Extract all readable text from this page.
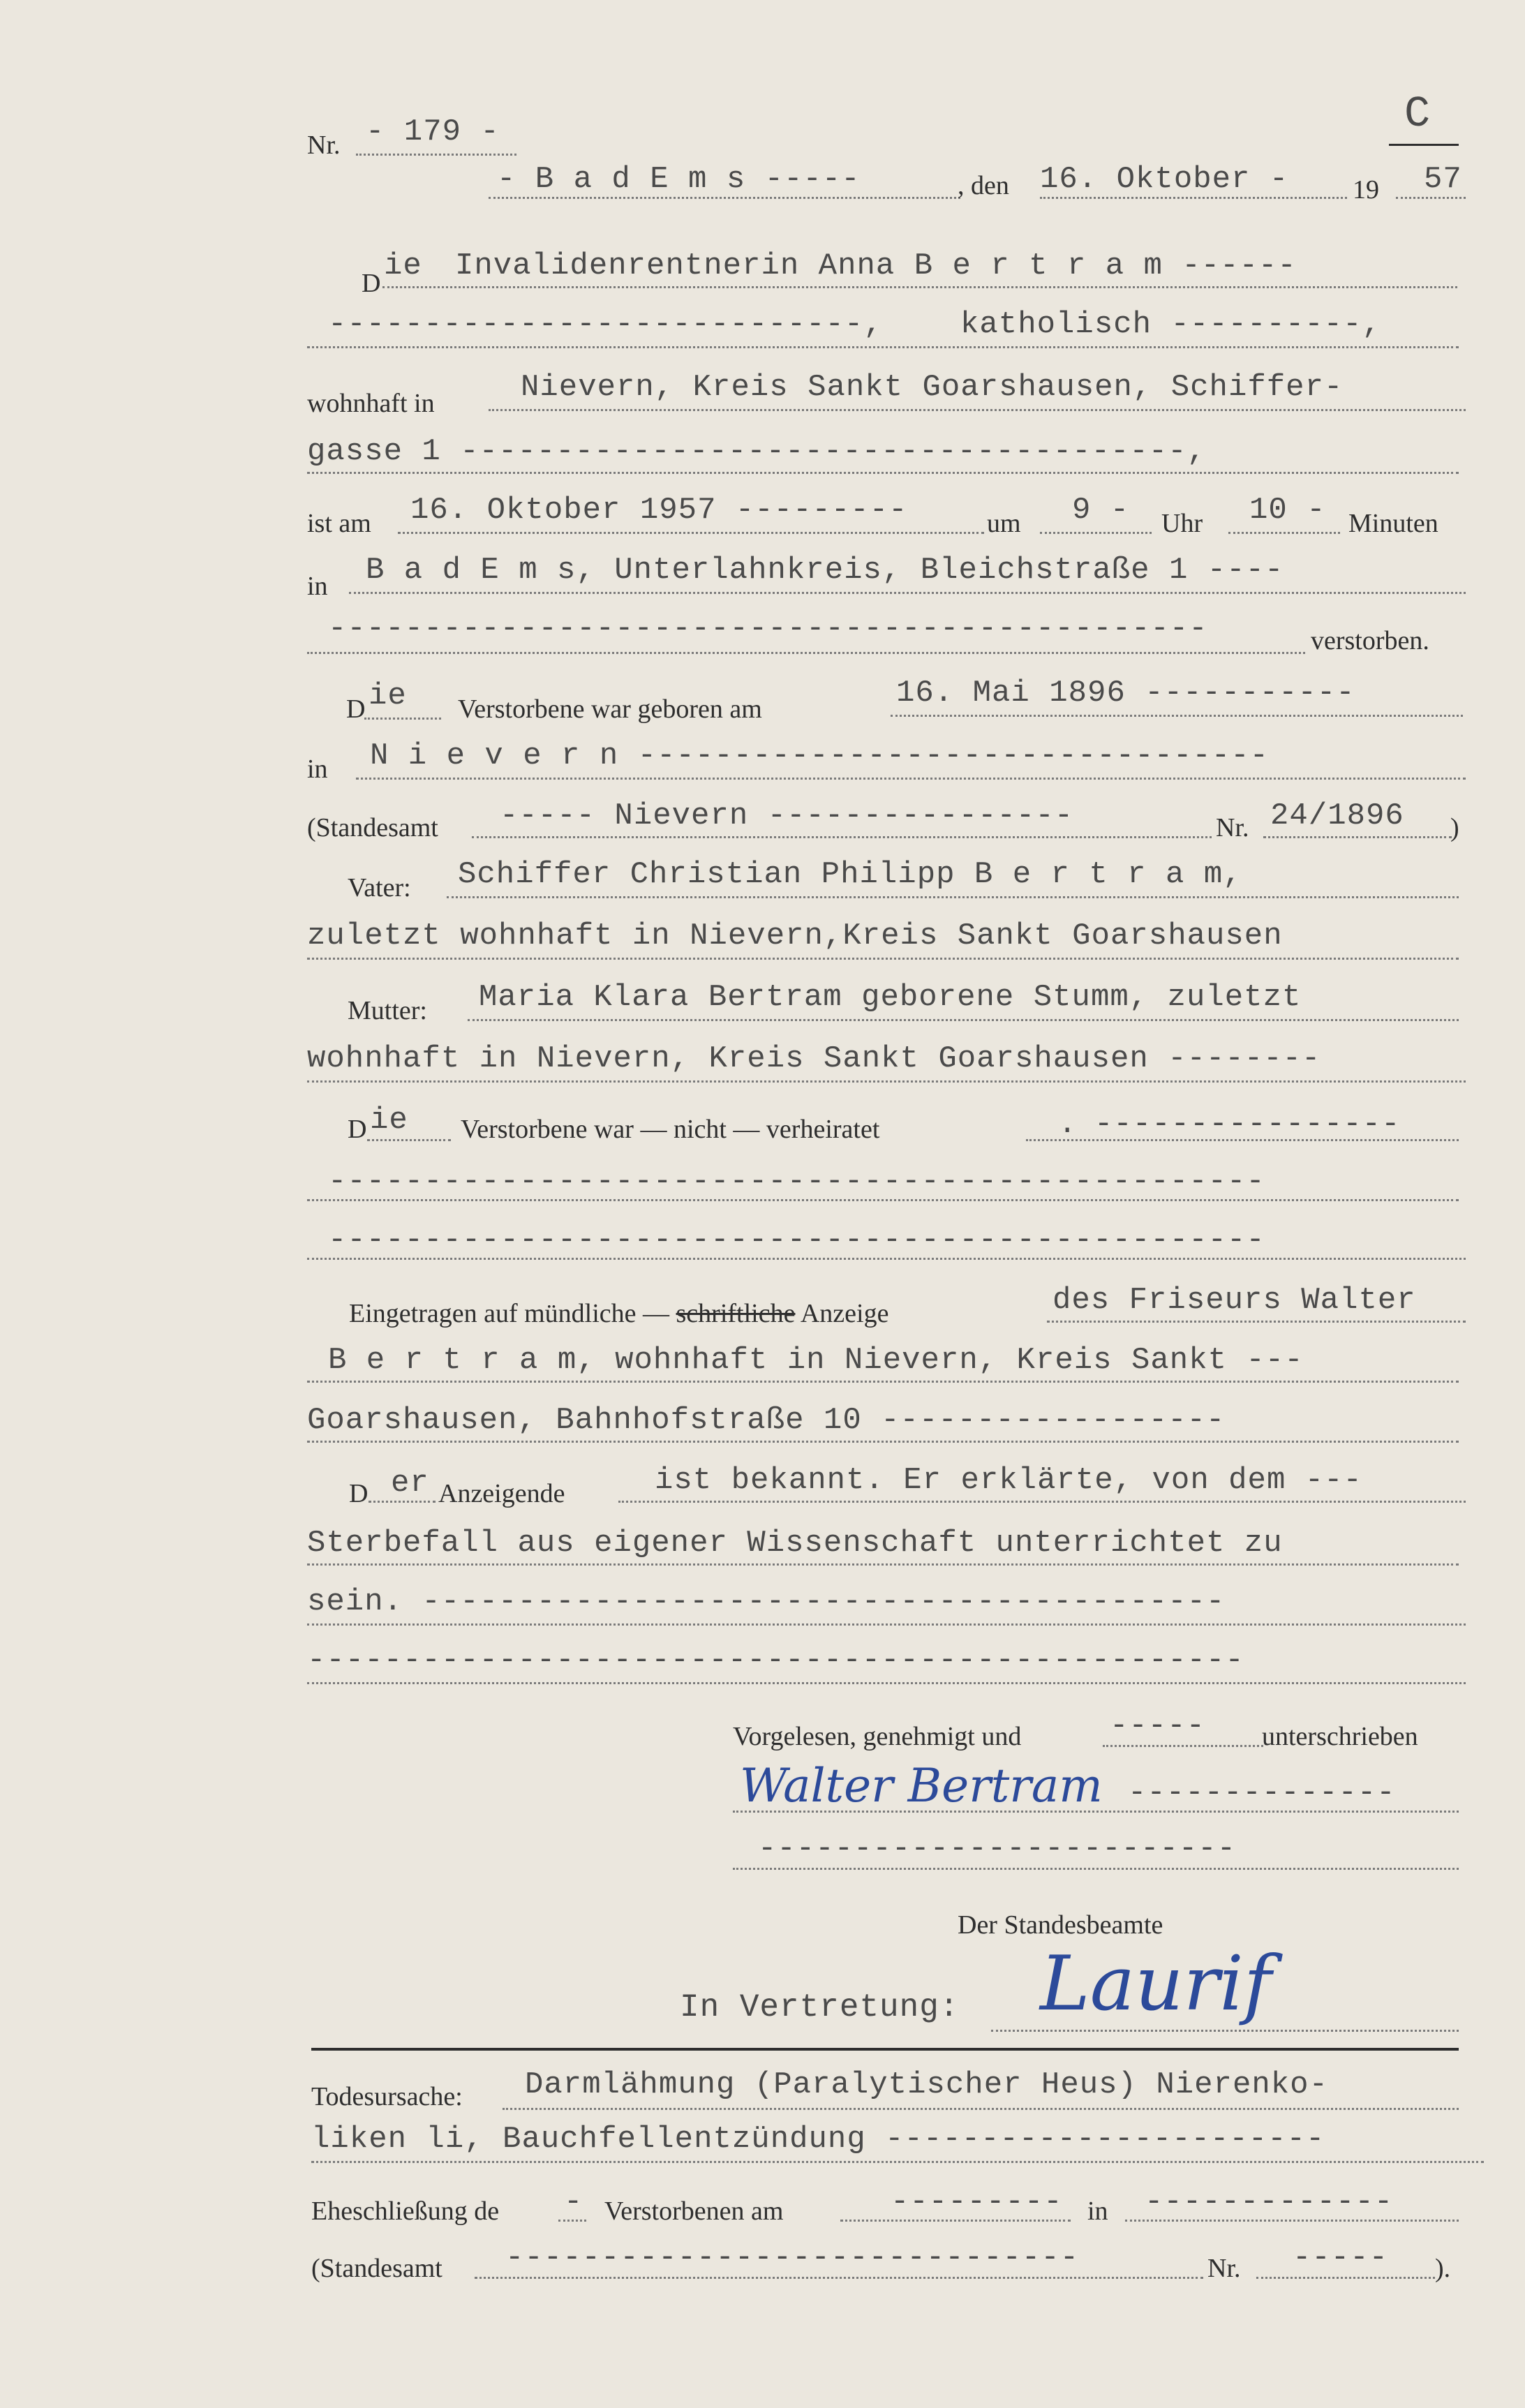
C
Nr. - 179 -
- B a d E m s -----	, den 16. Oktober - 19 57
D ie Invalidenrentnerin Anna B e r t r a m ------
----------------------------,	katholisch ----------,
wohnhaft in	Nievern, Kreis Sankt Goarshausen, Schiffer-
gasse 1 --------------------------------------,
ist am 16. Oktober 1957 ---------	um 9 - Uhr 10 - Minuten
in B a d E m s, Unterlahnkreis, Bleichstraße 1 ----
----------------------------------------------	verstorben.
D ie Verstorbene war geboren am	16. Mai 1896 -----------
in N i e v e r n ---------------------------------
(Standesamt ----- Nievern ----------------	Nr. 24/1896 )
Vater: Schiffer Christian Philipp B e r t r a m,
zuletzt wohnhaft in Nievern,Kreis Sankt Goarshausen
Mutter: Maria Klara Bertram geborene Stumm, zuletzt
wohnhaft in Nievern, Kreis Sankt Goarshausen --------
D ie Verstorbene war — nicht — verheiratet	. ----------------
-------------------------------------------------
-------------------------------------------------
Eingetragen auf mündliche — schriftliche Anzeige	des Friseurs Walter
B e r t r a m, wohnhaft in Nievern, Kreis Sankt ---
Goarshausen, Bahnhofstraße 10 ------------------
D er Anzeigende	ist bekannt. Er erklärte, von dem ---
Sterbefall aus eigener Wissenschaft unterrichtet zu
sein. ------------------------------------------
-------------------------------------------------
Vorgelesen, genehmigt und	----- unterschrieben
Walter Bertram --------------
-------------------------
Der Standesbeamte
In Vertretung: Laurif
Todesursache: Darmlähmung (Paralytischer Heus) Nierenko-
liken li, Bauchfellentzündung -----------------------
Eheschließung de - Verstorbenen am	--------- in -------------
(Standesamt ------------------------------	Nr. ----- ).
